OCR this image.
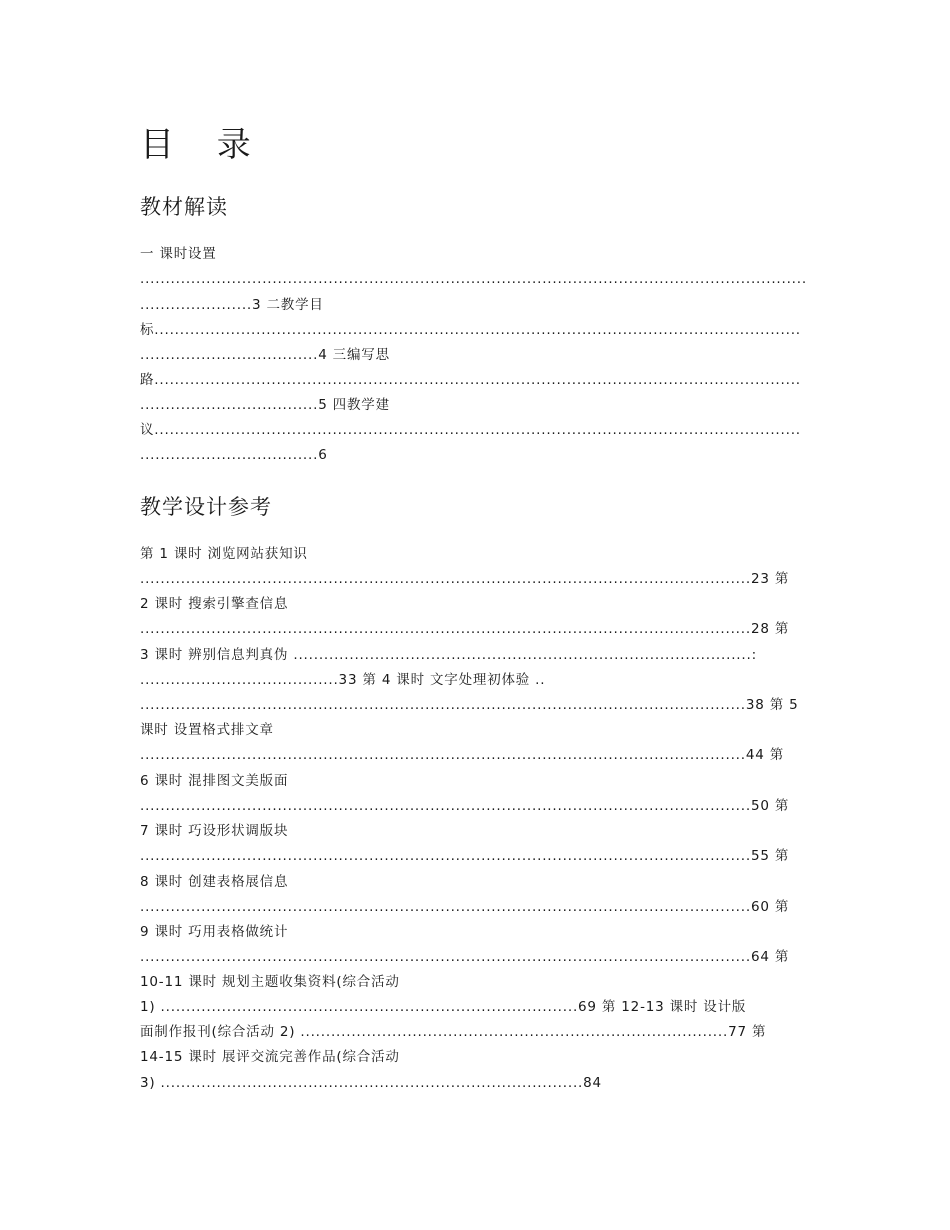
目 录
教材解读
一 课时设置
...................................................................................................................................
......................3 二教学目
标...............................................................................................................................
...................................4 三编写思
路...............................................................................................................................
...................................5 四教学建
议...............................................................................................................................
...................................6
教学设计参考
第 1 课时 浏览网站获知识
........................................................................................................................23 第
2 课时 搜索引擎查信息
........................................................................................................................28 第
3 课时 辨别信息判真伪 ..........................................................................................:
.......................................33 第 4 课时 文字处理初体验 ..
.......................................................................................................................38 第 5
课时 设置格式排文章
.......................................................................................................................44 第
6 课时 混排图文美版面
........................................................................................................................50 第
7 课时 巧设形状调版块
........................................................................................................................55 第
8 课时 创建表格展信息
........................................................................................................................60 第
9 课时 巧用表格做统计
........................................................................................................................64 第
10-11 课时 规划主题收集资料(综合活动
1) ..................................................................................69 第 12-13 课时 设计版
面制作报刊(综合活动 2) ....................................................................................77 第
14-15 课时 展评交流完善作品(综合活动
3) ...................................................................................84
